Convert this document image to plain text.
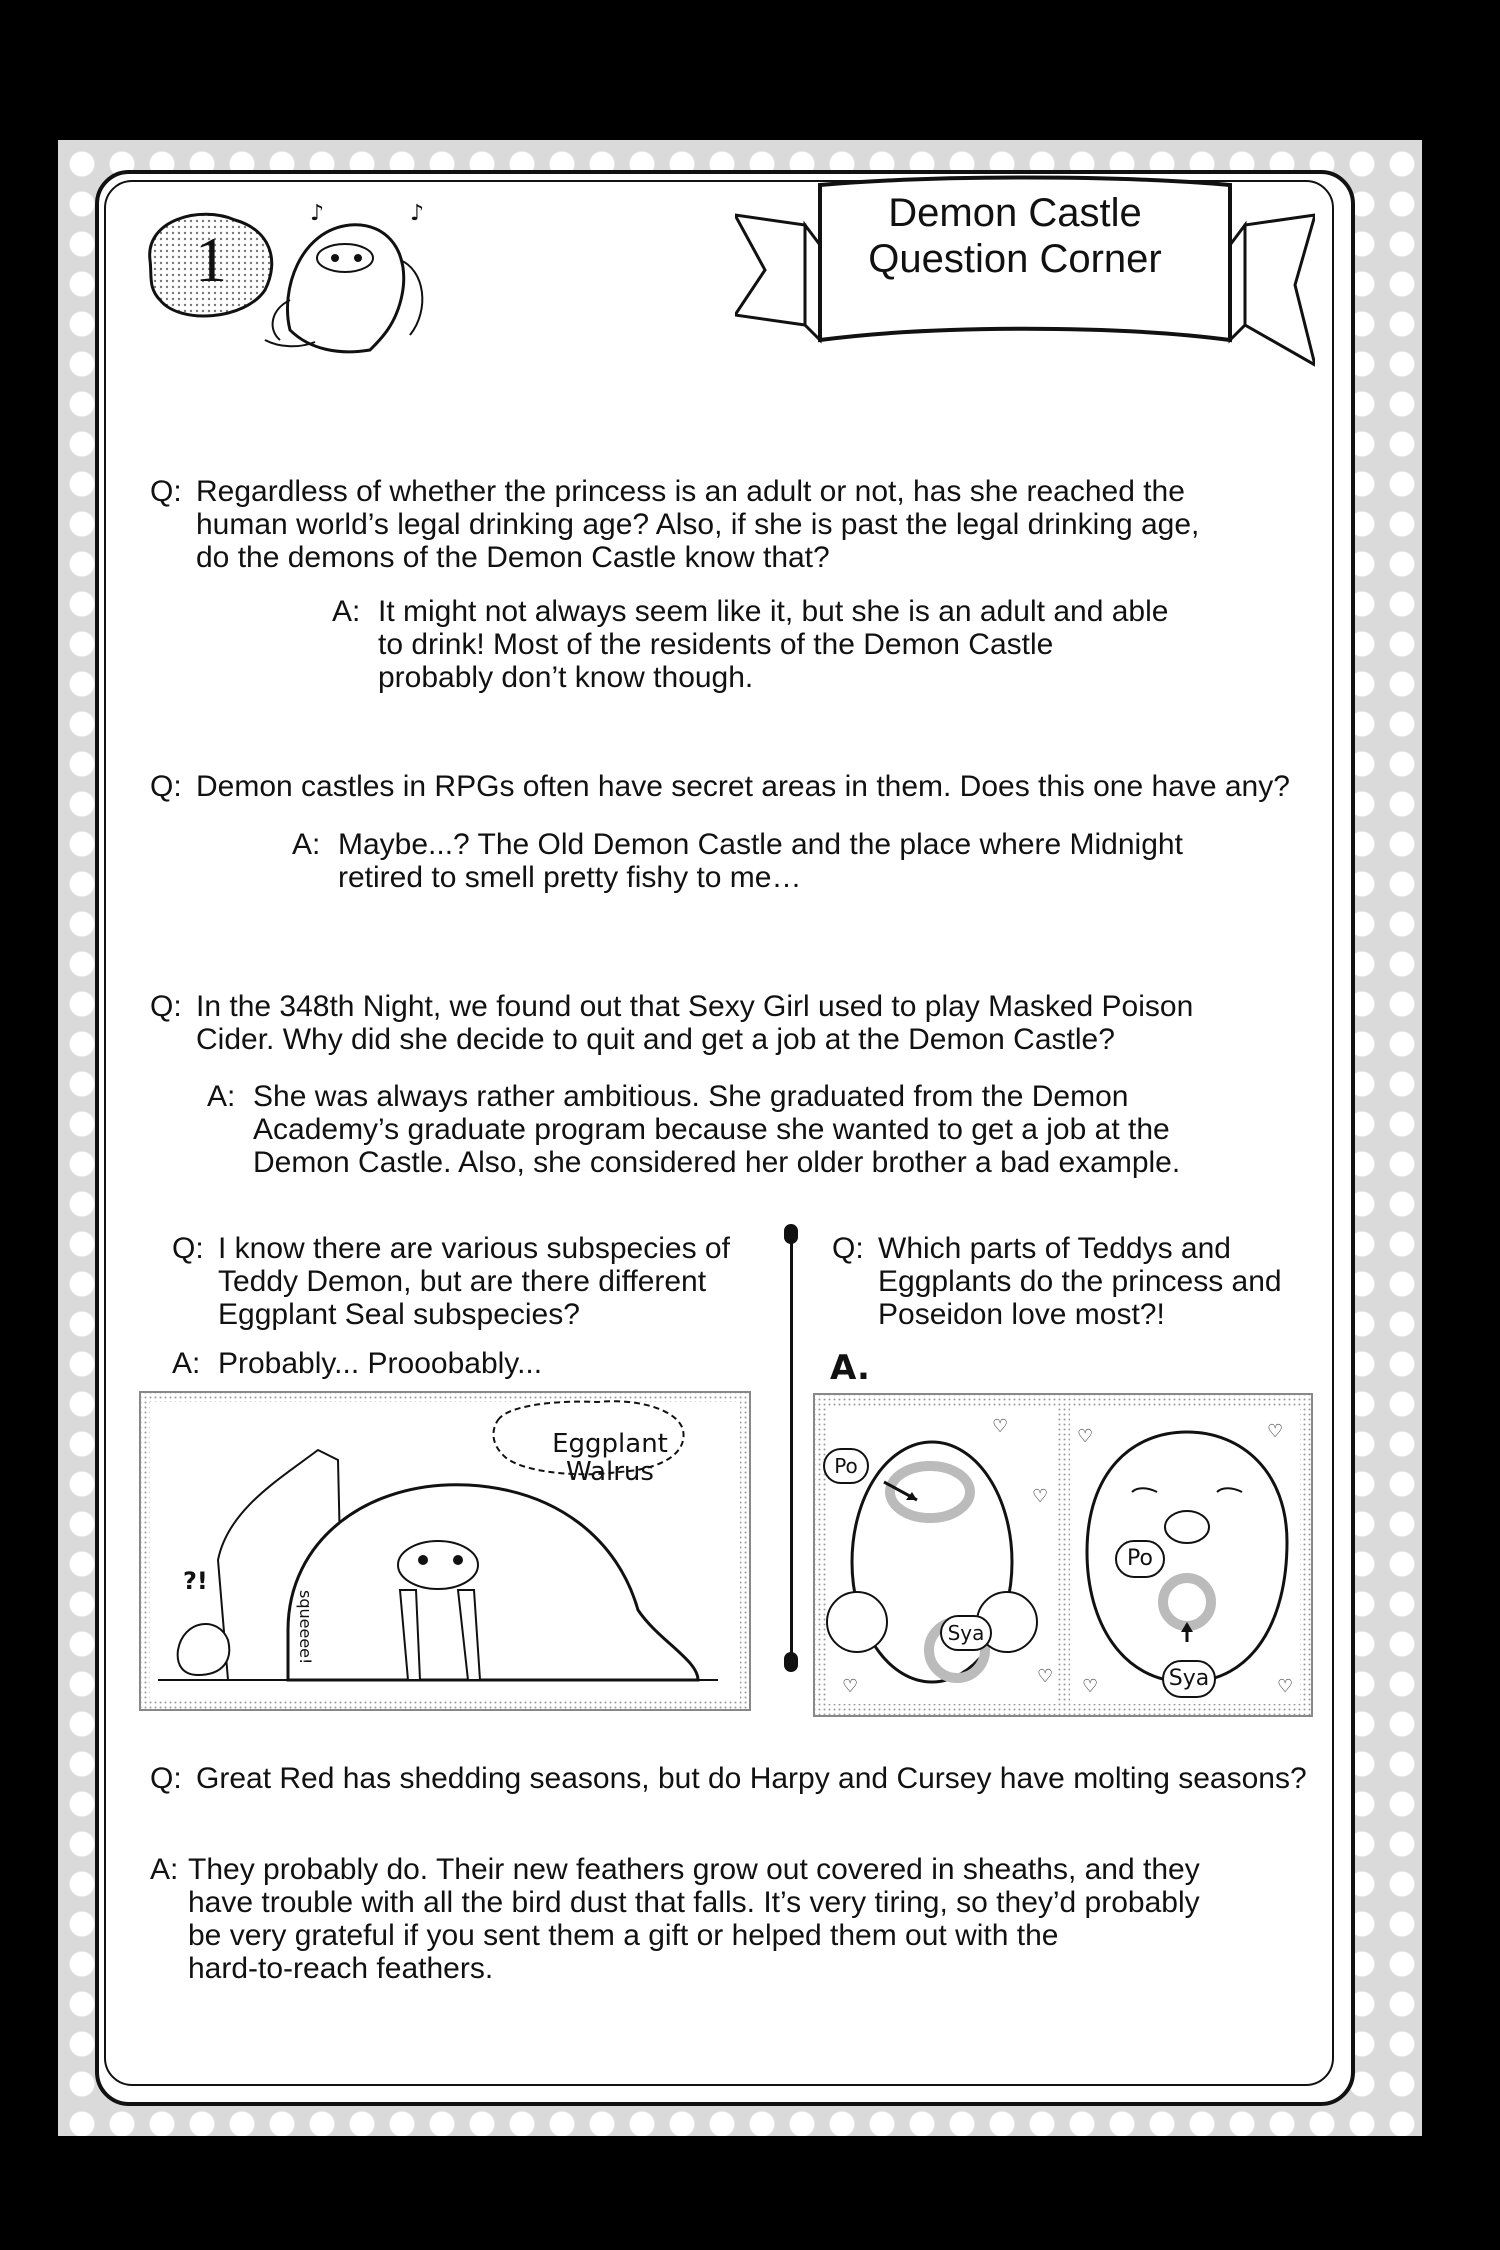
♪	♪
1
Demon Castle
Question Corner
Q: Regardless of whether the princess is an adult or not, has she reached the
human world’s legal drinking age? Also, if she is past the legal drinking age,
do the demons of the Demon Castle know that?
A: It might not always seem like it, but she is an adult and able
to drink! Most of the residents of the Demon Castle
probably don’t know though.
Q: Demon castles in RPGs often have secret areas in them. Does this one have any?
A: Maybe...? The Old Demon Castle and the place where Midnight
retired to smell pretty fishy to me…
Q: In the 348th Night, we found out that Sexy Girl used to play Masked Poison
Cider. Why did she decide to quit and get a job at the Demon Castle?
A: She was always rather ambitious. She graduated from the Demon
Academy’s graduate program because she wanted to get a job at the
Demon Castle. Also, she considered her older brother a bad example.
Q: I know there are various subspecies of
Teddy Demon, but are there different
Eggplant Seal subspecies?
A: Probably... Prooobably...
Eggplant
Walrus
?!
squeeee!
Q: Which parts of Teddys and
Eggplants do the princess and
Poseidon love most?!
A.
♡
♡
♡	♡
♡	♡
♡	♡
Po
Sya
Po
Sya
Q: Great Red has shedding seasons, but do Harpy and Cursey have molting seasons?
A: They probably do. Their new feathers grow out covered in sheaths, and they
have trouble with all the bird dust that falls. It’s very tiring, so they’d probably
be very grateful if you sent them a gift or helped them out with the
hard-to-reach feathers.
